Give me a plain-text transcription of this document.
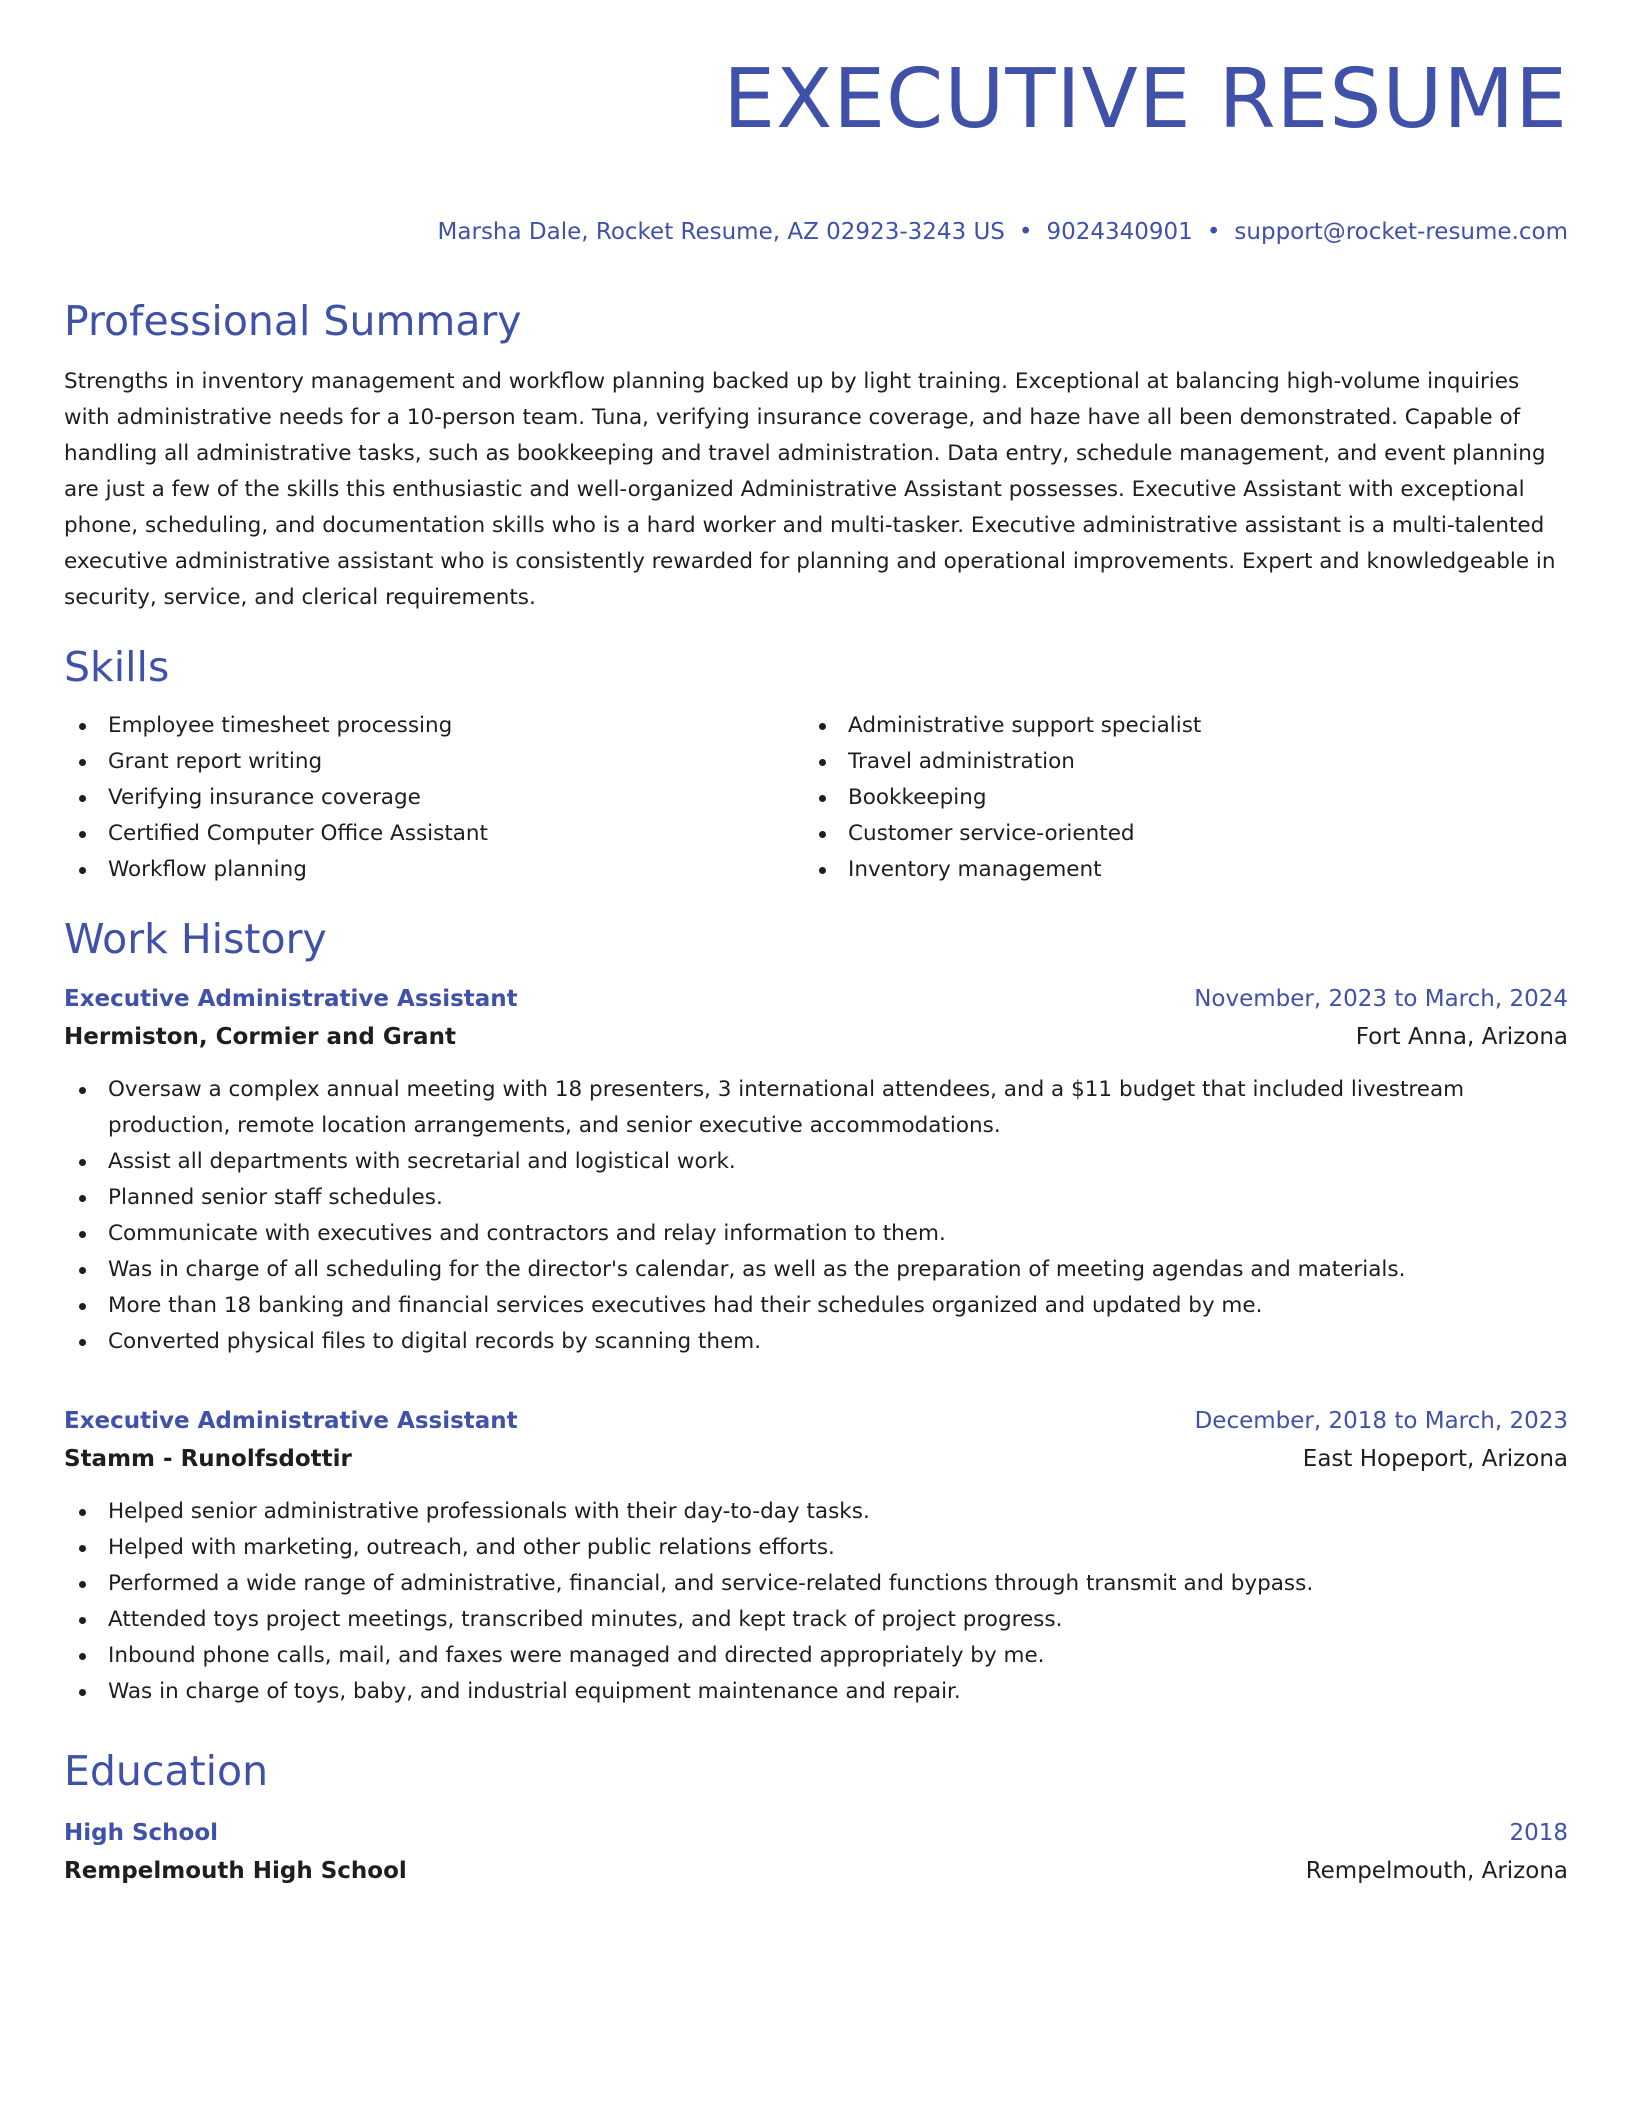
EXECUTIVE RESUME
Marsha Dale, Rocket Resume, AZ 02923-3243 US • 9024340901 • support@rocket-resume.com
Professional Summary
Strengths in inventory management and workflow planning backed up by light training. Exceptional at balancing high-volume inquiries with administrative needs for a 10-person team. Tuna, verifying insurance coverage, and haze have all been demonstrated. Capable of handling all administrative tasks, such as bookkeeping and travel administration. Data entry, schedule management, and event planning are just a few of the skills this enthusiastic and well-organized Administrative Assistant possesses. Executive Assistant with exceptional phone, scheduling, and documentation skills who is a hard worker and multi-tasker. Executive administrative assistant is a multi-talented executive administrative assistant who is consistently rewarded for planning and operational improvements. Expert and knowledgeable in security, service, and clerical requirements.
Skills
Employee timesheet processing
Grant report writing
Verifying insurance coverage
Certified Computer Office Assistant
Workflow planning
Administrative support specialist
Travel administration
Bookkeeping
Customer service-oriented
Inventory management
Work History
Executive Administrative Assistant	November, 2023 to March, 2024
Hermiston, Cormier and Grant	Fort Anna, Arizona
Oversaw a complex annual meeting with 18 presenters, 3 international attendees, and a $11 budget that included livestream production, remote location arrangements, and senior executive accommodations.
Assist all departments with secretarial and logistical work.
Planned senior staff schedules.
Communicate with executives and contractors and relay information to them.
Was in charge of all scheduling for the director's calendar, as well as the preparation of meeting agendas and materials.
More than 18 banking and financial services executives had their schedules organized and updated by me.
Converted physical files to digital records by scanning them.
Executive Administrative Assistant	December, 2018 to March, 2023
Stamm - Runolfsdottir	East Hopeport, Arizona
Helped senior administrative professionals with their day-to-day tasks.
Helped with marketing, outreach, and other public relations efforts.
Performed a wide range of administrative, financial, and service-related functions through transmit and bypass.
Attended toys project meetings, transcribed minutes, and kept track of project progress.
Inbound phone calls, mail, and faxes were managed and directed appropriately by me.
Was in charge of toys, baby, and industrial equipment maintenance and repair.
Education
High School	2018
Rempelmouth High School	Rempelmouth, Arizona
